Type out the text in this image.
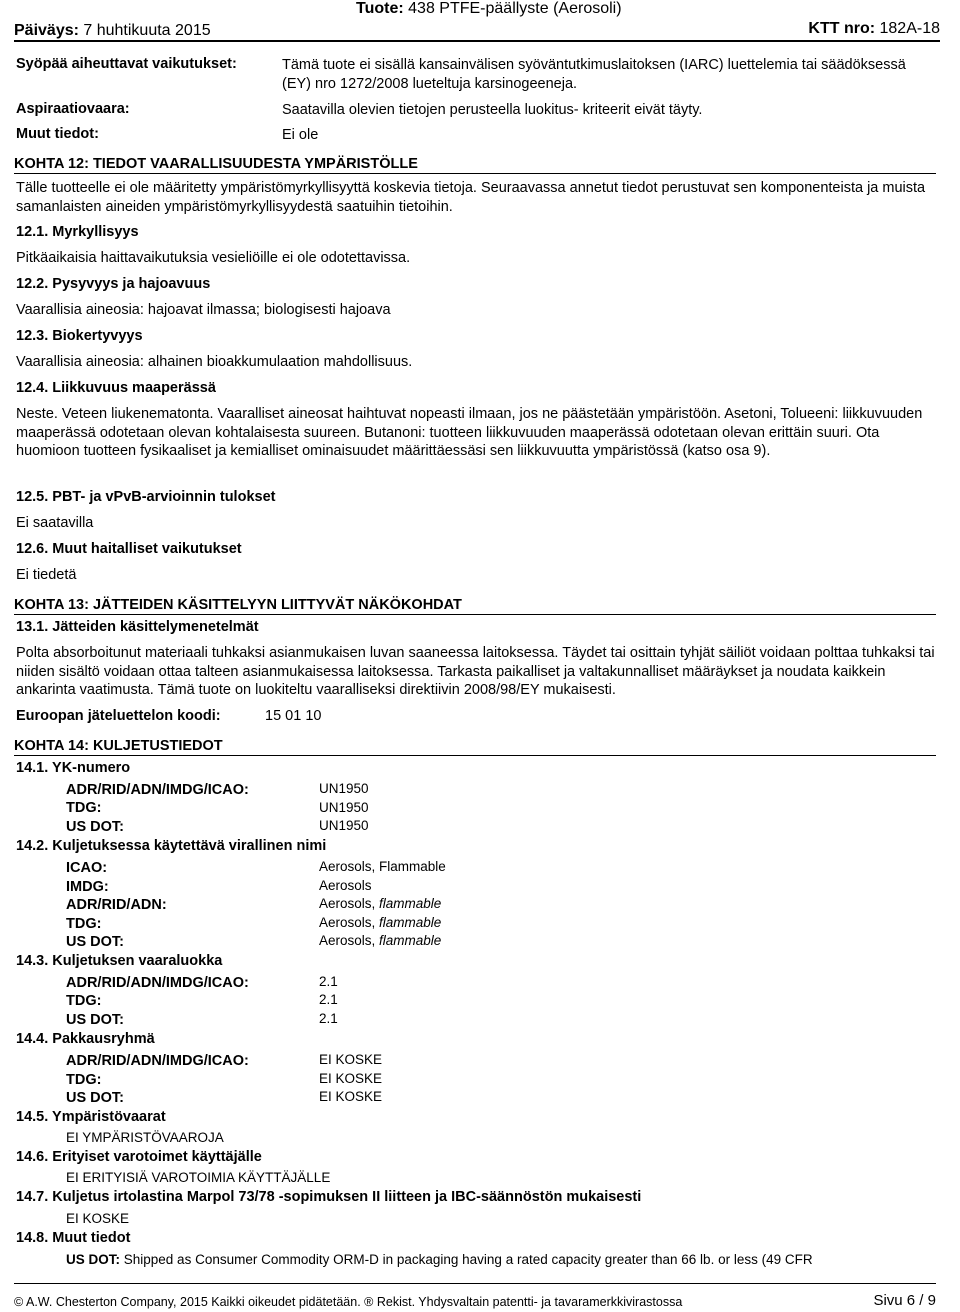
Päiväys: 7 huhtikuuta 2015
Tuote: 438 PTFE-päällyste (Aerosoli)
KTT nro: 182A-18
Syöpää aiheuttavat vaikutukset:	Tämä tuote ei sisällä kansainvälisen syöväntutkimuslaitoksen (IARC) luettelemia tai säädöksessä (EY) nro 1272/2008 lueteltuja karsinogeeneja.
Aspiraatiovaara:	Saatavilla olevien tietojen perusteella luokitus- kriteerit eivät täyty.
Muut tiedot:	Ei ole
KOHTA 12: TIEDOT VAARALLISUUDESTA YMPÄRISTÖLLE
Tälle tuotteelle ei ole määritetty ympäristömyrkyllisyyttä koskevia tietoja. Seuraavassa annetut tiedot perustuvat sen komponenteista ja muista samanlaisten aineiden ympäristömyrkyllisyydestä saatuihin tietoihin.
12.1. Myrkyllisyys
Pitkäaikaisia haittavaikutuksia vesieliöille ei ole odotettavissa.
12.2. Pysyvyys ja hajoavuus
Vaarallisia aineosia: hajoavat ilmassa; biologisesti hajoava
12.3. Biokertyvyys
Vaarallisia aineosia: alhainen bioakkumulaation mahdollisuus.
12.4. Liikkuvuus maaperässä
Neste. Veteen liukenematonta. Vaaralliset aineosat haihtuvat nopeasti ilmaan, jos ne päästetään ympäristöön. Asetoni, Tolueeni: liikkuvuuden maaperässä odotetaan olevan kohtalaisesta suureen. Butanoni: tuotteen liikkuvuuden maaperässä odotetaan olevan erittäin suuri. Ota huomioon tuotteen fysikaaliset ja kemialliset ominaisuudet määrittäessäsi sen liikkuvuutta ympäristössä (katso osa 9).
12.5. PBT- ja vPvB-arvioinnin tulokset
Ei saatavilla
12.6. Muut haitalliset vaikutukset
Ei tiedetä
KOHTA 13: JÄTTEIDEN KÄSITTELYYN LIITTYVÄT NÄKÖKOHDAT
13.1. Jätteiden käsittelymenetelmät
Polta absorboitunut materiaali tuhkaksi asianmukaisen luvan saaneessa laitoksessa. Täydet tai osittain tyhjät säiliöt voidaan polttaa tuhkaksi tai niiden sisältö voidaan ottaa talteen asianmukaisessa laitoksessa. Tarkasta paikalliset ja valtakunnalliset määräykset ja noudata kaikkein ankarinta vaatimusta. Tämä tuote on luokiteltu vaaralliseksi direktiivin 2008/98/EY mukaisesti.
Euroopan jäteluettelon koodi:	15 01 10
KOHTA 14: KULJETUSTIEDOT
14.1. YK-numero
ADR/RID/ADN/IMDG/ICAO:	UN1950
TDG:	UN1950
US DOT:	UN1950
14.2. Kuljetuksessa käytettävä virallinen nimi
ICAO:	Aerosols, Flammable
IMDG:	Aerosols
ADR/RID/ADN:	Aerosols, flammable
TDG:	Aerosols, flammable
US DOT:	Aerosols, flammable
14.3. Kuljetuksen vaaraluokka
ADR/RID/ADN/IMDG/ICAO:	2.1
TDG:	2.1
US DOT:	2.1
14.4. Pakkausryhmä
ADR/RID/ADN/IMDG/ICAO:	EI KOSKE
TDG:	EI KOSKE
US DOT:	EI KOSKE
14.5. Ympäristövaarat
EI YMPÄRISTÖVAAROJA
14.6. Erityiset varotoimet käyttäjälle
EI ERITYISIÄ VAROTOIMIA KÄYTTÄJÄLLE
14.7. Kuljetus irtolastina Marpol 73/78 -sopimuksen II liitteen ja IBC-säännöstön mukaisesti
EI KOSKE
14.8. Muut tiedot
US DOT: Shipped as Consumer Commodity ORM-D in packaging having a rated capacity greater than 66 lb. or less (49 CFR
© A.W. Chesterton Company, 2015 Kaikki oikeudet pidätetään. ® Rekist. Yhdysvaltain patentti- ja tavaramerkkivirastossa	Sivu 6 / 9
